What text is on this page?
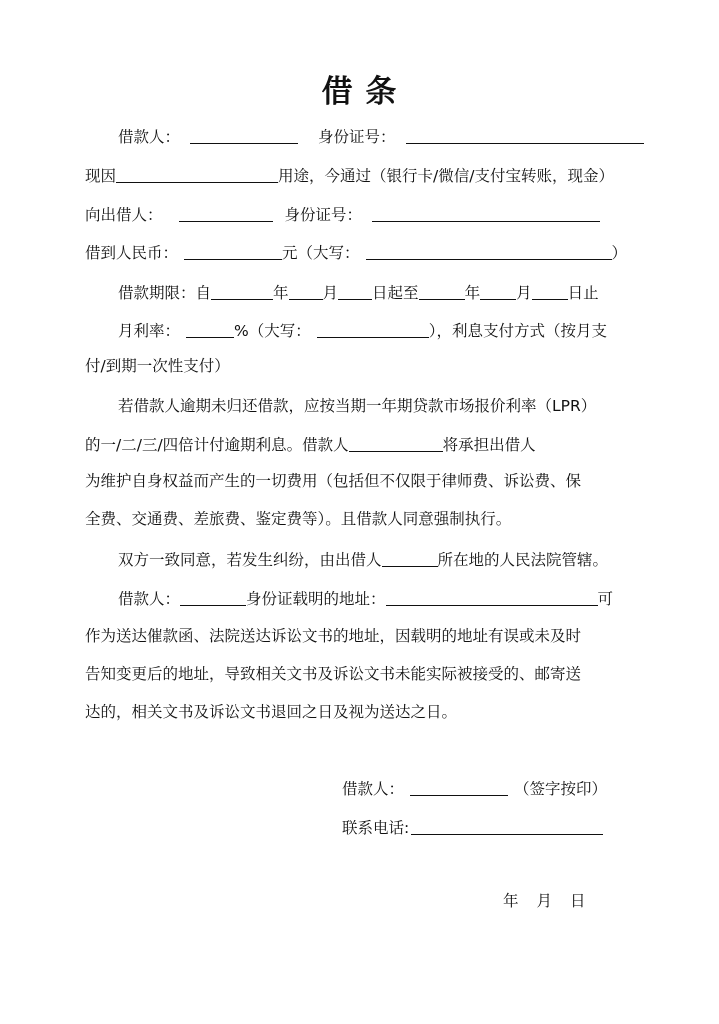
借 条
借款人：	身份证号：
现因	用途，今通过（银行卡/微信/支付宝转账，现金）
向出借人：	身份证号：
借到人民币：	元（大写：	）
借款期限：自	年 月 日起至	年 月 日止
月利率：	%（大写：	），利息支付方式（按月支
付/到期一次性支付）
若借款人逾期未归还借款，应按当期一年期贷款市场报价利率（LPR）
的一/二/三/四倍计付逾期利息。借款人	将承担出借人
为维护自身权益而产生的一切费用（包括但不仅限于律师费、诉讼费、保
全费、交通费、差旅费、鉴定费等）。且借款人同意强制执行。
双方一致同意，若发生纠纷，由出借人	所在地的人民法院管辖。
借款人：	身份证载明的地址：	可
作为送达催款函、法院送达诉讼文书的地址，因载明的地址有误或未及时
告知变更后的地址，导致相关文书及诉讼文书未能实际被接受的、邮寄送
达的，相关文书及诉讼文书退回之日及视为送达之日。
借款人：	（签字按印）
联系电话:
年 月 日
